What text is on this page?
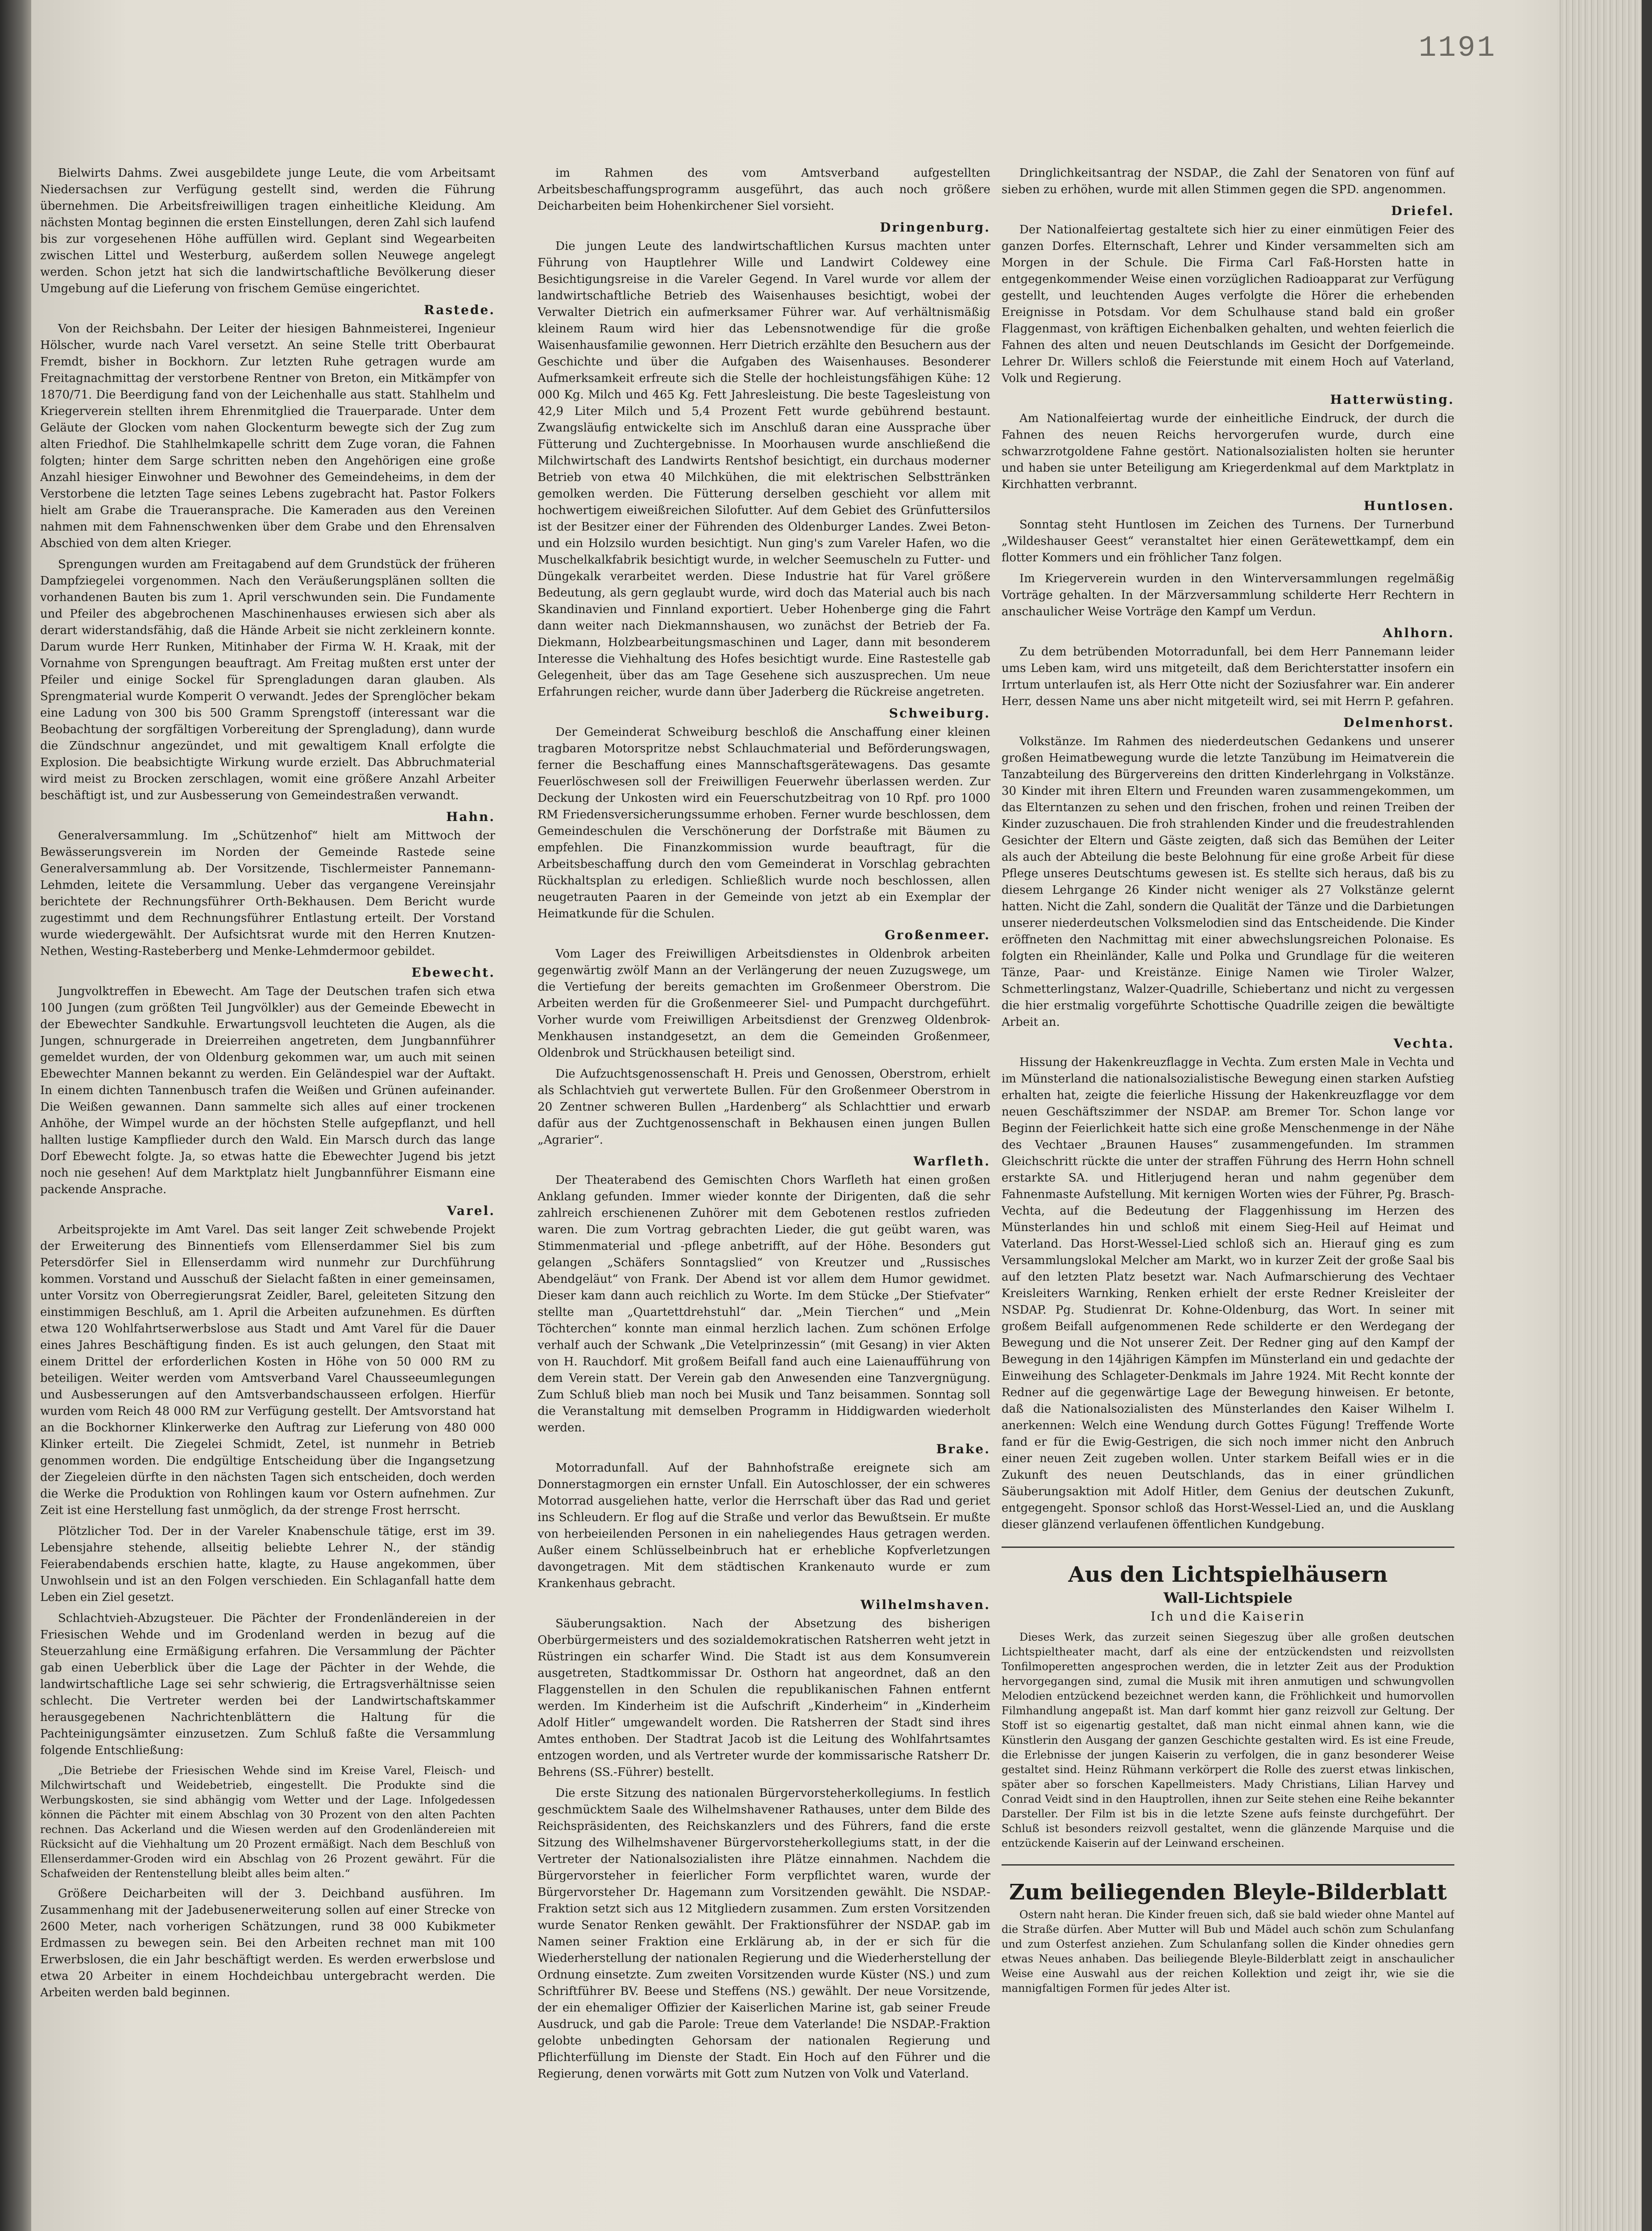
1191

Bielwirts Dahms. Zwei ausgebildete junge Leute, die vom Arbeitsamt Niedersachsen zur Verfügung gestellt sind, werden die Führung übernehmen. Die Arbeitsfreiwilligen tragen einheitliche Kleidung. Am nächsten Montag beginnen die ersten Einstellungen, deren Zahl sich laufend bis zur vorgesehenen Höhe auffüllen wird. Geplant sind Wegearbeiten zwischen Littel und Westerburg, außerdem sollen Neuwege angelegt werden. Schon jetzt hat sich die landwirtschaftliche Bevölkerung dieser Umgebung auf die Lieferung von frischem Gemüse eingerichtet.

Rastede.

Von der Reichsbahn. Der Leiter der hiesigen Bahnmeisterei, Ingenieur Hölscher, wurde nach Varel versetzt. An seine Stelle tritt Oberbaurat Fremdt, bisher in Bockhorn. Zur letzten Ruhe getragen wurde am Freitagnachmittag der verstorbene Rentner von Breton, ein Mitkämpfer von 1870/71. Die Beerdigung fand von der Leichenhalle aus statt. Stahlhelm und Kriegerverein stellten ihrem Ehrenmitglied die Trauerparade. Unter dem Geläute der Glocken vom nahen Glockenturm bewegte sich der Zug zum alten Friedhof. Die Stahlhelmkapelle schritt dem Zuge voran, die Fahnen folgten; hinter dem Sarge schritten neben den Angehörigen eine große Anzahl hiesiger Einwohner und Bewohner des Gemeindeheims, in dem der Verstorbene die letzten Tage seines Lebens zugebracht hat. Pastor Folkers hielt am Grabe die Traueransprache. Die Kameraden aus den Vereinen nahmen mit dem Fahnenschwenken über dem Grabe und den Ehrensalven Abschied von dem alten Krieger.

Sprengungen wurden am Freitagabend auf dem Grundstück der früheren Dampfziegelei vorgenommen. Nach den Veräußerungsplänen sollten die vorhandenen Bauten bis zum 1. April verschwunden sein. Die Fundamente und Pfeiler des abgebrochenen Maschinenhauses erwiesen sich aber als derart widerstandsfähig, daß die Hände Arbeit sie nicht zerkleinern konnte. Darum wurde Herr Runken, Mitinhaber der Firma W. H. Kraak, mit der Vornahme von Sprengungen beauftragt. Am Freitag mußten erst unter der Pfeiler und einige Sockel für Sprengladungen daran glauben. Als Sprengmaterial wurde Komperit O verwandt. Jedes der Sprenglöcher bekam eine Ladung von 300 bis 500 Gramm Sprengstoff (interessant war die Beobachtung der sorgfältigen Vorbereitung der Sprengladung), dann wurde die Zündschnur angezündet, und mit gewaltigem Knall erfolgte die Explosion. Die beabsichtigte Wirkung wurde erzielt. Das Abbruchmaterial wird meist zu Brocken zerschlagen, womit eine größere Anzahl Arbeiter beschäftigt ist, und zur Ausbesserung von Gemeindestraßen verwandt.

Hahn.

Generalversammlung. Im „Schützenhof“ hielt am Mittwoch der Bewässerungsverein im Norden der Gemeinde Rastede seine Generalversammlung ab. Der Vorsitzende, Tischlermeister Pannemann-Lehmden, leitete die Versammlung. Ueber das vergangene Vereinsjahr berichtete der Rechnungsführer Orth-Bekhausen. Dem Bericht wurde zugestimmt und dem Rechnungsführer Entlastung erteilt. Der Vorstand wurde wiedergewählt. Der Aufsichtsrat wurde mit den Herren Knutzen-Nethen, Westing-Rasteberberg und Menke-Lehmdermoor gebildet.

Ebewecht.

Jungvolktreffen in Ebewecht. Am Tage der Deutschen trafen sich etwa 100 Jungen (zum größten Teil Jungvölkler) aus der Gemeinde Ebewecht in der Ebewechter Sandkuhle. Erwartungsvoll leuchteten die Augen, als die Jungen, schnurgerade in Dreierreihen angetreten, dem Jungbannführer gemeldet wurden, der von Oldenburg gekommen war, um auch mit seinen Ebewechter Mannen bekannt zu werden. Ein Geländespiel war der Auftakt. In einem dichten Tannenbusch trafen die Weißen und Grünen aufeinander. Die Weißen gewannen. Dann sammelte sich alles auf einer trockenen Anhöhe, der Wimpel wurde an der höchsten Stelle aufgepflanzt, und hell hallten lustige Kampflieder durch den Wald. Ein Marsch durch das lange Dorf Ebewecht folgte. Ja, so etwas hatte die Ebewechter Jugend bis jetzt noch nie gesehen! Auf dem Marktplatz hielt Jungbannführer Eismann eine packende Ansprache.

Varel.

Arbeitsprojekte im Amt Varel. Das seit langer Zeit schwebende Projekt der Erweiterung des Binnentiefs vom Ellenserdammer Siel bis zum Petersdörfer Siel in Ellenserdamm wird nunmehr zur Durchführung kommen. Vorstand und Ausschuß der Sielacht faßten in einer gemeinsamen, unter Vorsitz von Oberregierungsrat Zeidler, Barel, geleiteten Sitzung den einstimmigen Beschluß, am 1. April die Arbeiten aufzunehmen. Es dürften etwa 120 Wohlfahrtserwerbslose aus Stadt und Amt Varel für die Dauer eines Jahres Beschäftigung finden. Es ist auch gelungen, den Staat mit einem Drittel der erforderlichen Kosten in Höhe von 50 000 RM zu beteiligen. Weiter werden vom Amtsverband Varel Chausseeumlegungen und Ausbesserungen auf den Amtsverbandschausseen erfolgen. Hierfür wurden vom Reich 48 000 RM zur Verfügung gestellt. Der Amtsvorstand hat an die Bockhorner Klinkerwerke den Auftrag zur Lieferung von 480 000 Klinker erteilt. Die Ziegelei Schmidt, Zetel, ist nunmehr in Betrieb genommen worden. Die endgültige Entscheidung über die Ingangsetzung der Ziegeleien dürfte in den nächsten Tagen sich entscheiden, doch werden die Werke die Produktion von Rohlingen kaum vor Ostern aufnehmen. Zur Zeit ist eine Herstellung fast unmöglich, da der strenge Frost herrscht.

Plötzlicher Tod. Der in der Vareler Knabenschule tätige, erst im 39. Lebensjahre stehende, allseitig beliebte Lehrer N., der ständig Feierabendabends erschien hatte, klagte, zu Hause angekommen, über Unwohlsein und ist an den Folgen verschieden. Ein Schlaganfall hatte dem Leben ein Ziel gesetzt.

Schlachtvieh-Abzugsteuer. Die Pächter der Frondenländereien in der Friesischen Wehde und im Grodenland werden in bezug auf die Steuerzahlung eine Ermäßigung erfahren. Die Versammlung der Pächter gab einen Ueberblick über die Lage der Pächter in der Wehde, die landwirtschaftliche Lage sei sehr schwierig, die Ertragsverhältnisse seien schlecht. Die Vertreter werden bei der Landwirtschaftskammer herausgegebenen Nachrichtenblättern die Haltung für die Pachteinigungsämter einzusetzen. Zum Schluß faßte die Versammlung folgende Entschließung:

„Die Betriebe der Friesischen Wehde sind im Kreise Varel, Fleisch- und Milchwirtschaft und Weidebetrieb, eingestellt. Die Produkte sind die Werbungskosten, sie sind abhängig vom Wetter und der Lage. Infolgedessen können die Pächter mit einem Abschlag von 30 Prozent von den alten Pachten rechnen. Das Ackerland und die Wiesen werden auf den Grodenländereien mit Rücksicht auf die Viehhaltung um 20 Prozent ermäßigt. Nach dem Beschluß von Ellenserdammer-Groden wird ein Abschlag von 26 Prozent gewährt. Für die Schafweiden der Rentenstellung bleibt alles beim alten.“

Größere Deicharbeiten will der 3. Deichband ausführen. Im Zusammenhang mit der Jadebusenerweiterung sollen auf einer Strecke von 2600 Meter, nach vorherigen Schätzungen, rund 38 000 Kubikmeter Erdmassen zu bewegen sein. Bei den Arbeiten rechnet man mit 100 Erwerbslosen, die ein Jahr beschäftigt werden. Es werden erwerbslose und etwa 20 Arbeiter in einem Hochdeichbau untergebracht werden. Die Arbeiten werden bald beginnen.

im Rahmen des vom Amtsverband aufgestellten Arbeitsbeschaffungsprogramm ausgeführt, das auch noch größere Deicharbeiten beim Hohenkirchener Siel vorsieht.

Dringenburg.

Die jungen Leute des landwirtschaftlichen Kursus machten unter Führung von Hauptlehrer Wille und Landwirt Coldewey eine Besichtigungsreise in die Vareler Gegend. In Varel wurde vor allem der landwirtschaftliche Betrieb des Waisenhauses besichtigt, wobei der Verwalter Dietrich ein aufmerksamer Führer war. Auf verhältnismäßig kleinem Raum wird hier das Lebensnotwendige für die große Waisenhausfamilie gewonnen. Herr Dietrich erzählte den Besuchern aus der Geschichte und über die Aufgaben des Waisenhauses. Besonderer Aufmerksamkeit erfreute sich die Stelle der hochleistungsfähigen Kühe: 12 000 Kg. Milch und 465 Kg. Fett Jahresleistung. Die beste Tagesleistung von 42,9 Liter Milch und 5,4 Prozent Fett wurde gebührend bestaunt. Zwangsläufig entwickelte sich im Anschluß daran eine Aussprache über Fütterung und Zuchtergebnisse. In Moorhausen wurde anschließend die Milchwirtschaft des Landwirts Rentshof besichtigt, ein durchaus moderner Betrieb von etwa 40 Milchkühen, die mit elektrischen Selbsttränken gemolken werden. Die Fütterung derselben geschieht vor allem mit hochwertigem eiweißreichen Silofutter. Auf dem Gebiet des Grünfuttersilos ist der Besitzer einer der Führenden des Oldenburger Landes. Zwei Beton- und ein Holzsilo wurden besichtigt. Nun ging's zum Vareler Hafen, wo die Muschelkalkfabrik besichtigt wurde, in welcher Seemuscheln zu Futter- und Düngekalk verarbeitet werden. Diese Industrie hat für Varel größere Bedeutung, als gern geglaubt wurde, wird doch das Material auch bis nach Skandinavien und Finnland exportiert. Ueber Hohenberge ging die Fahrt dann weiter nach Diekmannshausen, wo zunächst der Betrieb der Fa. Diekmann, Holzbearbeitungsmaschinen und Lager, dann mit besonderem Interesse die Viehhaltung des Hofes besichtigt wurde. Eine Rastestelle gab Gelegenheit, über das am Tage Gesehene sich auszusprechen. Um neue Erfahrungen reicher, wurde dann über Jaderberg die Rückreise angetreten.

Schweiburg.

Der Gemeinderat Schweiburg beschloß die Anschaffung einer kleinen tragbaren Motorspritze nebst Schlauchmaterial und Beförderungswagen, ferner die Beschaffung eines Mannschaftsgerätewagens. Das gesamte Feuerlöschwesen soll der Freiwilligen Feuerwehr überlassen werden. Zur Deckung der Unkosten wird ein Feuerschutzbeitrag von 10 Rpf. pro 1000 RM Friedensversicherungssumme erhoben. Ferner wurde beschlossen, dem Gemeindeschulen die Verschönerung der Dorfstraße mit Bäumen zu empfehlen. Die Finanzkommission wurde beauftragt, für die Arbeitsbeschaffung durch den vom Gemeinderat in Vorschlag gebrachten Rückhaltsplan zu erledigen. Schließlich wurde noch beschlossen, allen neugetrauten Paaren in der Gemeinde von jetzt ab ein Exemplar der Heimatkunde für die Schulen.

Großenmeer.

Vom Lager des Freiwilligen Arbeitsdienstes in Oldenbrok arbeiten gegenwärtig zwölf Mann an der Verlängerung der neuen Zuzugswege, um die Vertiefung der bereits gemachten im Großenmeer Oberstrom. Die Arbeiten werden für die Großenmeerer Siel- und Pumpacht durchgeführt. Vorher wurde vom Freiwilligen Arbeitsdienst der Grenzweg Oldenbrok-Menkhausen instandgesetzt, an dem die Gemeinden Großenmeer, Oldenbrok und Strückhausen beteiligt sind.

Die Aufzuchtsgenossenschaft H. Preis und Genossen, Oberstrom, erhielt als Schlachtvieh gut verwertete Bullen. Für den Großenmeer Oberstrom in 20 Zentner schweren Bullen „Hardenberg“ als Schlachttier und erwarb dafür aus der Zuchtgenossenschaft in Bekhausen einen jungen Bullen „Agrarier“.

Warfleth.

Der Theaterabend des Gemischten Chors Warfleth hat einen großen Anklang gefunden. Immer wieder konnte der Dirigenten, daß die sehr zahlreich erschienenen Zuhörer mit dem Gebotenen restlos zufrieden waren. Die zum Vortrag gebrachten Lieder, die gut geübt waren, was Stimmenmaterial und -pflege anbetrifft, auf der Höhe. Besonders gut gelangen „Schäfers Sonntagslied“ von Kreutzer und „Russisches Abendgeläut“ von Frank. Der Abend ist vor allem dem Humor gewidmet. Dieser kam dann auch reichlich zu Worte. Im dem Stücke „Der Stiefvater“ stellte man „Quartettdrehstuhl“ dar. „Mein Tierchen“ und „Mein Töchterchen“ konnte man einmal herzlich lachen. Zum schönen Erfolge verhalf auch der Schwank „Die Vetelprinzessin“ (mit Gesang) in vier Akten von H. Rauchdorf. Mit großem Beifall fand auch eine Laienaufführung von dem Verein statt. Der Verein gab den Anwesenden eine Tanzvergnügung. Zum Schluß blieb man noch bei Musik und Tanz beisammen. Sonntag soll die Veranstaltung mit demselben Programm in Hiddigwarden wiederholt werden.

Brake.

Motorradunfall. Auf der Bahnhofstraße ereignete sich am Donnerstagmorgen ein ernster Unfall. Ein Autoschlosser, der ein schweres Motorrad ausgeliehen hatte, verlor die Herrschaft über das Rad und geriet ins Schleudern. Er flog auf die Straße und verlor das Bewußtsein. Er mußte von herbeieilenden Personen in ein naheliegendes Haus getragen werden. Außer einem Schlüsselbeinbruch hat er erhebliche Kopfverletzungen davongetragen. Mit dem städtischen Krankenauto wurde er zum Krankenhaus gebracht.

Wilhelmshaven.

Säuberungsaktion. Nach der Absetzung des bisherigen Oberbürgermeisters und des sozialdemokratischen Ratsherren weht jetzt in Rüstringen ein scharfer Wind. Die Stadt ist aus dem Konsumverein ausgetreten, Stadtkommissar Dr. Osthorn hat angeordnet, daß an den Flaggenstellen in den Schulen die republikanischen Fahnen entfernt werden. Im Kinderheim ist die Aufschrift „Kinderheim“ in „Kinderheim Adolf Hitler“ umgewandelt worden. Die Ratsherren der Stadt sind ihres Amtes enthoben. Der Stadtrat Jacob ist die Leitung des Wohlfahrtsamtes entzogen worden, und als Vertreter wurde der kommissarische Ratsherr Dr. Behrens (SS.-Führer) bestellt.

Die erste Sitzung des nationalen Bürgervorsteherkollegiums. In festlich geschmücktem Saale des Wilhelmshavener Rathauses, unter dem Bilde des Reichspräsidenten, des Reichskanzlers und des Führers, fand die erste Sitzung des Wilhelmshavener Bürgervorsteherkollegiums statt, in der die Vertreter der Nationalsozialisten ihre Plätze einnahmen. Nachdem die Bürgervorsteher in feierlicher Form verpflichtet waren, wurde der Bürgervorsteher Dr. Hagemann zum Vorsitzenden gewählt. Die NSDAP.-Fraktion setzt sich aus 12 Mitgliedern zusammen. Zum ersten Vorsitzenden wurde Senator Renken gewählt. Der Fraktionsführer der NSDAP. gab im Namen seiner Fraktion eine Erklärung ab, in der er sich für die Wiederherstellung der nationalen Regierung und die Wiederherstellung der Ordnung einsetzte. Zum zweiten Vorsitzenden wurde Küster (NS.) und zum Schriftführer BV. Beese und Steffens (NS.) gewählt. Der neue Vorsitzende, der ein ehemaliger Offizier der Kaiserlichen Marine ist, gab seiner Freude Ausdruck, und gab die Parole: Treue dem Vaterlande! Die NSDAP.-Fraktion gelobte unbedingten Gehorsam der nationalen Regierung und Pflichterfüllung im Dienste der Stadt. Ein Hoch auf den Führer und die Regierung, denen vorwärts mit Gott zum Nutzen von Volk und Vaterland.

Dringlichkeitsantrag der NSDAP., die Zahl der Senatoren von fünf auf sieben zu erhöhen, wurde mit allen Stimmen gegen die SPD. angenommen.

Driefel.

Der Nationalfeiertag gestaltete sich hier zu einer einmütigen Feier des ganzen Dorfes. Elternschaft, Lehrer und Kinder versammelten sich am Morgen in der Schule. Die Firma Carl Faß-Horsten hatte in entgegenkommender Weise einen vorzüglichen Radioapparat zur Verfügung gestellt, und leuchtenden Auges verfolgte die Hörer die erhebenden Ereignisse in Potsdam. Vor dem Schulhause stand bald ein großer Flaggenmast, von kräftigen Eichenbalken gehalten, und wehten feierlich die Fahnen des alten und neuen Deutschlands im Gesicht der Dorfgemeinde. Lehrer Dr. Willers schloß die Feierstunde mit einem Hoch auf Vaterland, Volk und Regierung.

Hatterwüsting.

Am Nationalfeiertag wurde der einheitliche Eindruck, der durch die Fahnen des neuen Reichs hervorgerufen wurde, durch eine schwarzrotgoldene Fahne gestört. Nationalsozialisten holten sie herunter und haben sie unter Beteiligung am Kriegerdenkmal auf dem Marktplatz in Kirchhatten verbrannt.

Huntlosen.

Sonntag steht Huntlosen im Zeichen des Turnens. Der Turnerbund „Wildeshauser Geest“ veranstaltet hier einen Gerätewettkampf, dem ein flotter Kommers und ein fröhlicher Tanz folgen.

Im Kriegerverein wurden in den Winterversammlungen regelmäßig Vorträge gehalten. In der Märzversammlung schilderte Herr Rechtern in anschaulicher Weise Vorträge den Kampf um Verdun.

Ahlhorn.

Zu dem betrübenden Motorradunfall, bei dem Herr Pannemann leider ums Leben kam, wird uns mitgeteilt, daß dem Berichterstatter insofern ein Irrtum unterlaufen ist, als Herr Otte nicht der Soziusfahrer war. Ein anderer Herr, dessen Name uns aber nicht mitgeteilt wird, sei mit Herrn P. gefahren.

Delmenhorst.

Volkstänze. Im Rahmen des niederdeutschen Gedankens und unserer großen Heimatbewegung wurde die letzte Tanzübung im Heimatverein die Tanzabteilung des Bürgervereins den dritten Kinderlehrgang in Volkstänze. 30 Kinder mit ihren Eltern und Freunden waren zusammengekommen, um das Elterntanzen zu sehen und den frischen, frohen und reinen Treiben der Kinder zuzuschauen. Die froh strahlenden Kinder und die freudestrahlenden Gesichter der Eltern und Gäste zeigten, daß sich das Bemühen der Leiter als auch der Abteilung die beste Belohnung für eine große Arbeit für diese Pflege unseres Deutschtums gewesen ist. Es stellte sich heraus, daß bis zu diesem Lehrgange 26 Kinder nicht weniger als 27 Volkstänze gelernt hatten. Nicht die Zahl, sondern die Qualität der Tänze und die Darbietungen unserer niederdeutschen Volksmelodien sind das Entscheidende. Die Kinder eröffneten den Nachmittag mit einer abwechslungsreichen Polonaise. Es folgten ein Rheinländer, Kalle und Polka und Grundlage für die weiteren Tänze, Paar- und Kreistänze. Einige Namen wie Tiroler Walzer, Schmetterlingstanz, Walzer-Quadrille, Schiebertanz und nicht zu vergessen die hier erstmalig vorgeführte Schottische Quadrille zeigen die bewältigte Arbeit an.

Vechta.

Hissung der Hakenkreuzflagge in Vechta. Zum ersten Male in Vechta und im Münsterland die nationalsozialistische Bewegung einen starken Aufstieg erhalten hat, zeigte die feierliche Hissung der Hakenkreuzflagge vor dem neuen Geschäftszimmer der NSDAP. am Bremer Tor. Schon lange vor Beginn der Feierlichkeit hatte sich eine große Menschenmenge in der Nähe des Vechtaer „Braunen Hauses“ zusammengefunden. Im strammen Gleichschritt rückte die unter der straffen Führung des Herrn Hohn schnell erstarkte SA. und Hitlerjugend heran und nahm gegenüber dem Fahnenmaste Aufstellung. Mit kernigen Worten wies der Führer, Pg. Brasch-Vechta, auf die Bedeutung der Flaggenhissung im Herzen des Münsterlandes hin und schloß mit einem Sieg-Heil auf Heimat und Vaterland. Das Horst-Wessel-Lied schloß sich an. Hierauf ging es zum Versammlungslokal Melcher am Markt, wo in kurzer Zeit der große Saal bis auf den letzten Platz besetzt war. Nach Aufmarschierung des Vechtaer Kreisleiters Warnking, Renken erhielt der erste Redner Kreisleiter der NSDAP. Pg. Studienrat Dr. Kohne-Oldenburg, das Wort. In seiner mit großem Beifall aufgenommenen Rede schilderte er den Werdegang der Bewegung und die Not unserer Zeit. Der Redner ging auf den Kampf der Bewegung in den 14jährigen Kämpfen im Münsterland ein und gedachte der Einweihung des Schlageter-Denkmals im Jahre 1924. Mit Recht konnte der Redner auf die gegenwärtige Lage der Bewegung hinweisen. Er betonte, daß die Nationalsozialisten des Münsterlandes den Kaiser Wilhelm I. anerkennen: Welch eine Wendung durch Gottes Fügung! Treffende Worte fand er für die Ewig-Gestrigen, die sich noch immer nicht den Anbruch einer neuen Zeit zugeben wollen. Unter starkem Beifall wies er in die Zukunft des neuen Deutschlands, das in einer gründlichen Säuberungsaktion mit Adolf Hitler, dem Genius der deutschen Zukunft, entgegengeht. Sponsor schloß das Horst-Wessel-Lied an, und die Ausklang dieser glänzend verlaufenen öffentlichen Kundgebung.

Aus den Lichtspielhäusern
Wall-Lichtspiele
Ich und die Kaiserin

Dieses Werk, das zurzeit seinen Siegeszug über alle großen deutschen Lichtspieltheater macht, darf als eine der entzückendsten und reizvollsten Tonfilmoperetten angesprochen werden, die in letzter Zeit aus der Produktion hervorgegangen sind, zumal die Musik mit ihren anmutigen und schwungvollen Melodien entzückend bezeichnet werden kann, die Fröhlichkeit und humorvollen Filmhandlung angepaßt ist. Man darf kommt hier ganz reizvoll zur Geltung. Der Stoff ist so eigenartig gestaltet, daß man nicht einmal ahnen kann, wie die Künstlerin den Ausgang der ganzen Geschichte gestalten wird. Es ist eine Freude, die Erlebnisse der jungen Kaiserin zu verfolgen, die in ganz besonderer Weise gestaltet sind. Heinz Rühmann verkörpert die Rolle des zuerst etwas linkischen, später aber so forschen Kapellmeisters. Mady Christians, Lilian Harvey und Conrad Veidt sind in den Hauptrollen, ihnen zur Seite stehen eine Reihe bekannter Darsteller. Der Film ist bis in die letzte Szene aufs feinste durchgeführt. Der Schluß ist besonders reizvoll gestaltet, wenn die glänzende Marquise und die entzückende Kaiserin auf der Leinwand erscheinen.

Zum beiliegenden Bleyle-Bilderblatt

Ostern naht heran. Die Kinder freuen sich, daß sie bald wieder ohne Mantel auf die Straße dürfen. Aber Mutter will Bub und Mädel auch schön zum Schulanfang und zum Osterfest anziehen. Zum Schulanfang sollen die Kinder ohnedies gern etwas Neues anhaben. Das beiliegende Bleyle-Bilderblatt zeigt in anschaulicher Weise eine Auswahl aus der reichen Kollektion und zeigt ihr, wie sie die mannigfaltigen Formen für jedes Alter ist.
